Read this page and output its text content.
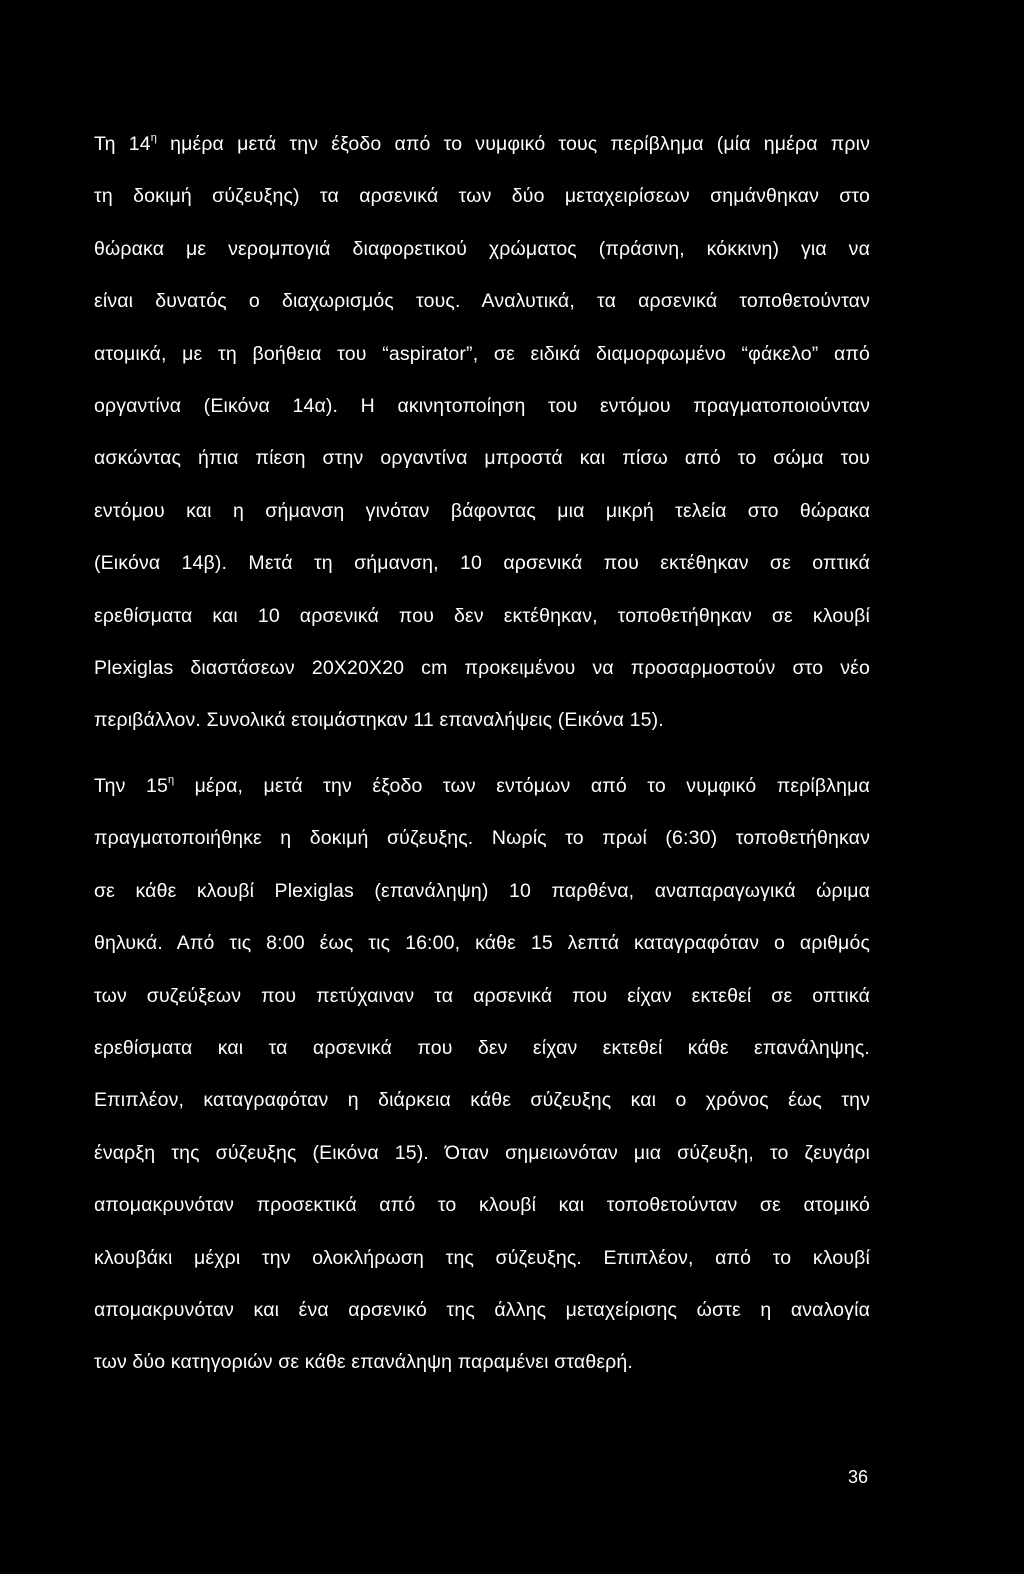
Τη $14^\eta$ ημέρα μετά την έξοδο από το νυμφικό τους περίβλημα (μία ημέρα πριν
τη δοκιμή σύζευξης) τα αρσενικά των δύο μεταχειρίσεων σημάνθηκαν στο
θώρακα με νερομπογιά διαφορετικού χρώματος (πράσινη, κόκκινη) για να
είναι δυνατός ο διαχωρισμός τους. Αναλυτικά, τα αρσενικά τοποθετούνταν
ατομικά, με τη βοήθεια του “aspirator”, σε ειδικά διαμορφωμένο “φάκελο” από
οργαντίνα (Εικόνα 14α). Η ακινητοποίηση του εντόμου πραγματοποιούνταν
ασκώντας ήπια πίεση στην οργαντίνα μπροστά και πίσω από το σώμα του
εντόμου και η σήμανση γινόταν βάφοντας μια μικρή τελεία στο θώρακα
(Εικόνα 14β). Μετά τη σήμανση, 10 αρσενικά που εκτέθηκαν σε οπτικά
ερεθίσματα και 10 αρσενικά που δεν εκτέθηκαν, τοποθετήθηκαν σε κλουβί
Plexiglas διαστάσεων 20Χ20Χ20 cm προκειμένου να προσαρμοστούν στο νέο
περιβάλλον. Συνολικά ετοιμάστηκαν 11 επαναλήψεις (Εικόνα 15).
Την $15^\eta$ μέρα, μετά την έξοδο των εντόμων από το νυμφικό περίβλημα
πραγματοποιήθηκε η δοκιμή σύζευξης. Νωρίς το πρωί (6:30) τοποθετήθηκαν
σε κάθε κλουβί Plexiglas (επανάληψη) 10 παρθένα, αναπαραγωγικά ώριμα
θηλυκά. Από τις 8:00 έως τις 16:00, κάθε 15 λεπτά καταγραφόταν ο αριθμός
των συζεύξεων που πετύχαιναν τα αρσενικά που είχαν εκτεθεί σε οπτικά
ερεθίσματα και τα αρσενικά που δεν είχαν εκτεθεί κάθε επανάληψης.
Επιπλέον, καταγραφόταν η διάρκεια κάθε σύζευξης και ο χρόνος έως την
έναρξη της σύζευξης (Εικόνα 15). Όταν σημειωνόταν μια σύζευξη, το ζευγάρι
απομακρυνόταν προσεκτικά από το κλουβί και τοποθετούνταν σε ατομικό
κλουβάκι μέχρι την ολοκλήρωση της σύζευξης. Επιπλέον, από το κλουβί
απομακρυνόταν και ένα αρσενικό της άλλης μεταχείρισης ώστε η αναλογία
των δύο κατηγοριών σε κάθε επανάληψη παραμένει σταθερή.
36
